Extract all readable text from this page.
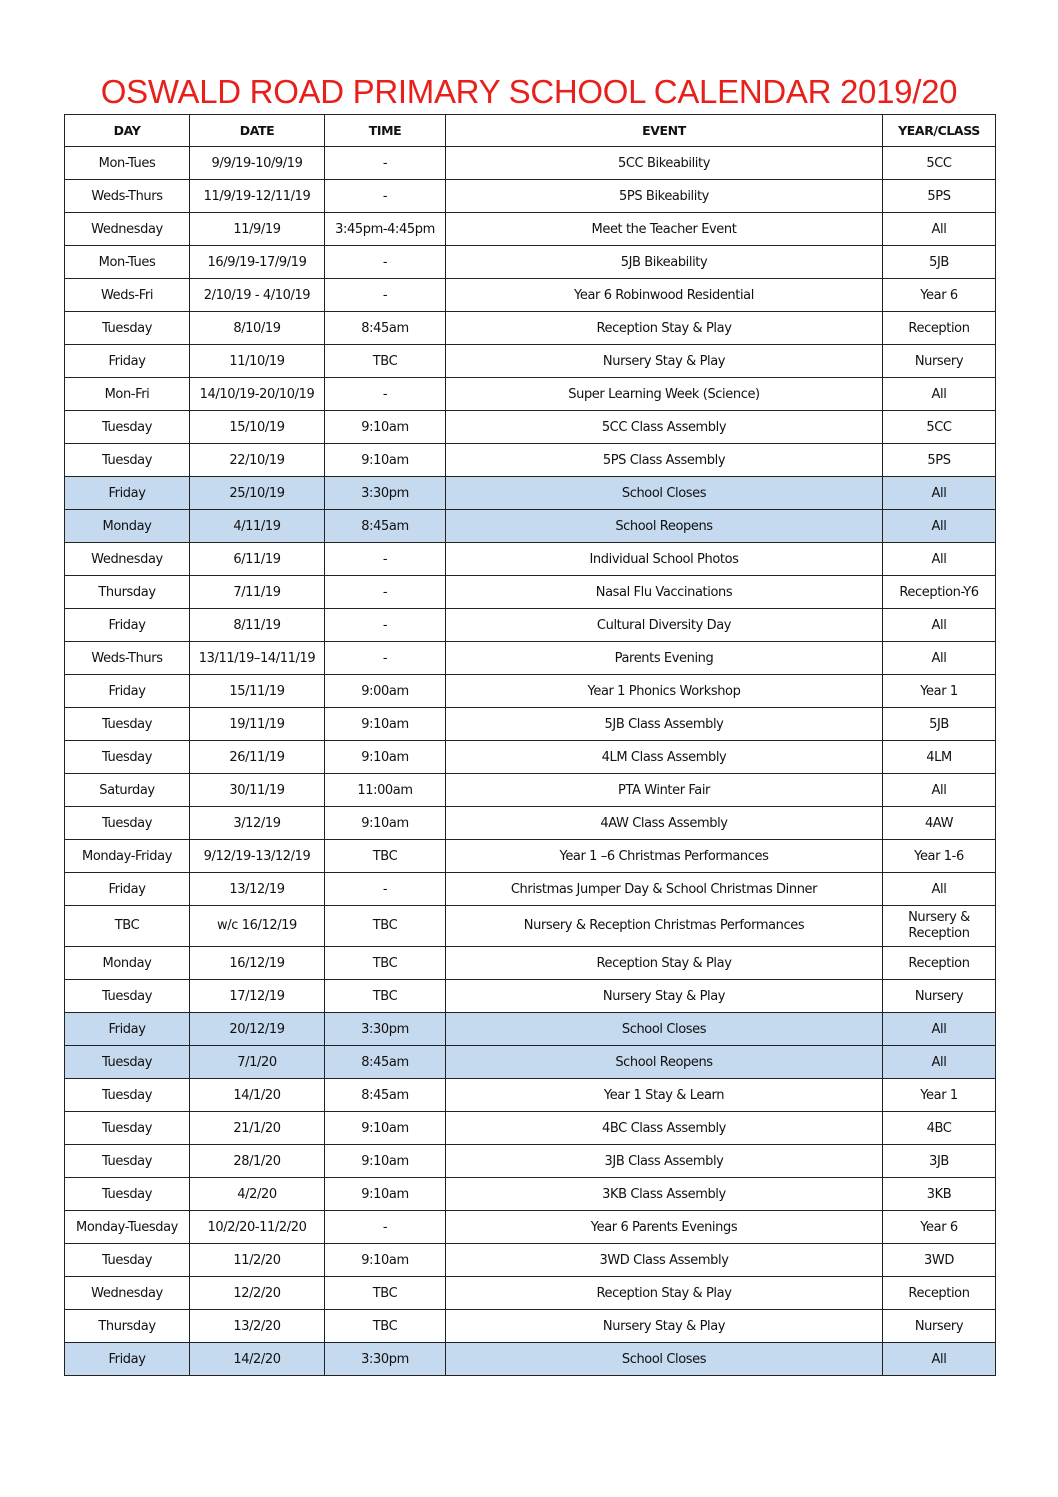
OSWALD ROAD PRIMARY SCHOOL CALENDAR 2019/20
DAY	DATE	TIME	EVENT	YEAR/CLASS
Mon-Tues	9/9/19-10/9/19	-	5CC Bikeability	5CC
Weds-Thurs	11/9/19-12/11/19	-	5PS Bikeability	5PS
Wednesday	11/9/19	3:45pm-4:45pm	Meet the Teacher Event	All
Mon-Tues	16/9/19-17/9/19	-	5JB Bikeability	5JB
Weds-Fri	2/10/19 - 4/10/19	-	Year 6 Robinwood Residential	Year 6
Tuesday	8/10/19	8:45am	Reception Stay & Play	Reception
Friday	11/10/19	TBC	Nursery Stay & Play	Nursery
Mon-Fri	14/10/19-20/10/19	-	Super Learning Week (Science)	All
Tuesday	15/10/19	9:10am	5CC Class Assembly	5CC
Tuesday	22/10/19	9:10am	5PS Class Assembly	5PS
Friday	25/10/19	3:30pm	School Closes	All
Monday	4/11/19	8:45am	School Reopens	All
Wednesday	6/11/19	-	Individual School Photos	All
Thursday	7/11/19	-	Nasal Flu Vaccinations	Reception-Y6
Friday	8/11/19	-	Cultural Diversity Day	All
Weds-Thurs	13/11/19–14/11/19	-	Parents Evening	All
Friday	15/11/19	9:00am	Year 1 Phonics Workshop	Year 1
Tuesday	19/11/19	9:10am	5JB Class Assembly	5JB
Tuesday	26/11/19	9:10am	4LM Class Assembly	4LM
Saturday	30/11/19	11:00am	PTA Winter Fair	All
Tuesday	3/12/19	9:10am	4AW Class Assembly	4AW
Monday-Friday	9/12/19-13/12/19	TBC	Year 1 –6 Christmas Performances	Year 1-6
Friday	13/12/19	-	Christmas Jumper Day & School Christmas Dinner	All
TBC	w/c 16/12/19	TBC	Nursery & Reception Christmas Performances	Nursery & Reception
Monday	16/12/19	TBC	Reception Stay & Play	Reception
Tuesday	17/12/19	TBC	Nursery Stay & Play	Nursery
Friday	20/12/19	3:30pm	School Closes	All
Tuesday	7/1/20	8:45am	School Reopens	All
Tuesday	14/1/20	8:45am	Year 1 Stay & Learn	Year 1
Tuesday	21/1/20	9:10am	4BC Class Assembly	4BC
Tuesday	28/1/20	9:10am	3JB Class Assembly	3JB
Tuesday	4/2/20	9:10am	3KB Class Assembly	3KB
Monday-Tuesday	10/2/20-11/2/20	-	Year 6 Parents Evenings	Year 6
Tuesday	11/2/20	9:10am	3WD Class Assembly	3WD
Wednesday	12/2/20	TBC	Reception Stay & Play	Reception
Thursday	13/2/20	TBC	Nursery Stay & Play	Nursery
Friday	14/2/20	3:30pm	School Closes	All
